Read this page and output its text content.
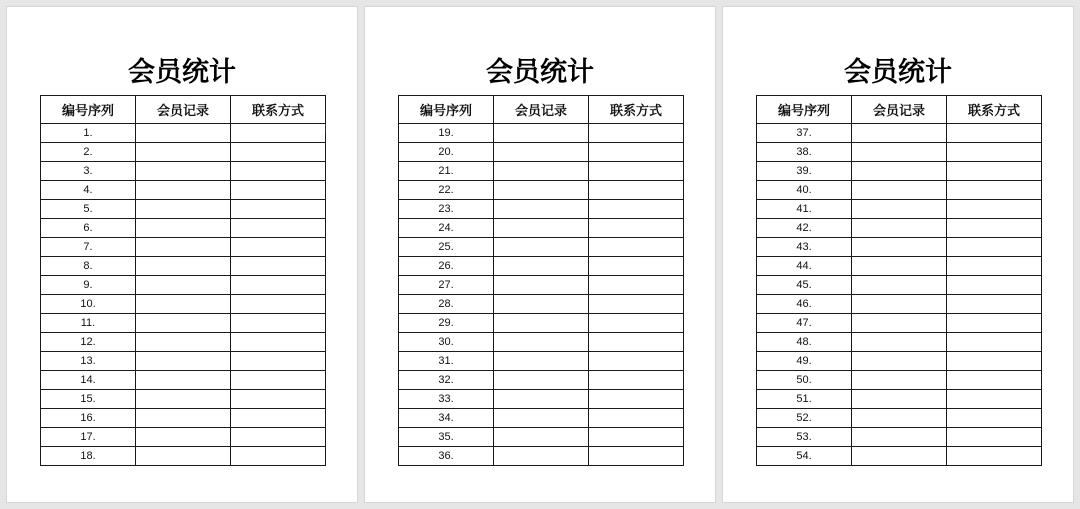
会员统计
编号序列	会员记录	联系方式
1.		
2.		
3.		
4.		
5.		
6.		
7.		
8.		
9.		
10.		
11.		
12.		
13.		
14.		
15.		
16.		
17.		
18.		
会员统计
编号序列	会员记录	联系方式
19.		
20.		
21.		
22.		
23.		
24.		
25.		
26.		
27.		
28.		
29.		
30.		
31.		
32.		
33.		
34.		
35.		
36.		
会员统计
编号序列	会员记录	联系方式
37.		
38.		
39.		
40.		
41.		
42.		
43.		
44.		
45.		
46.		
47.		
48.		
49.		
50.		
51.		
52.		
53.		
54.		
